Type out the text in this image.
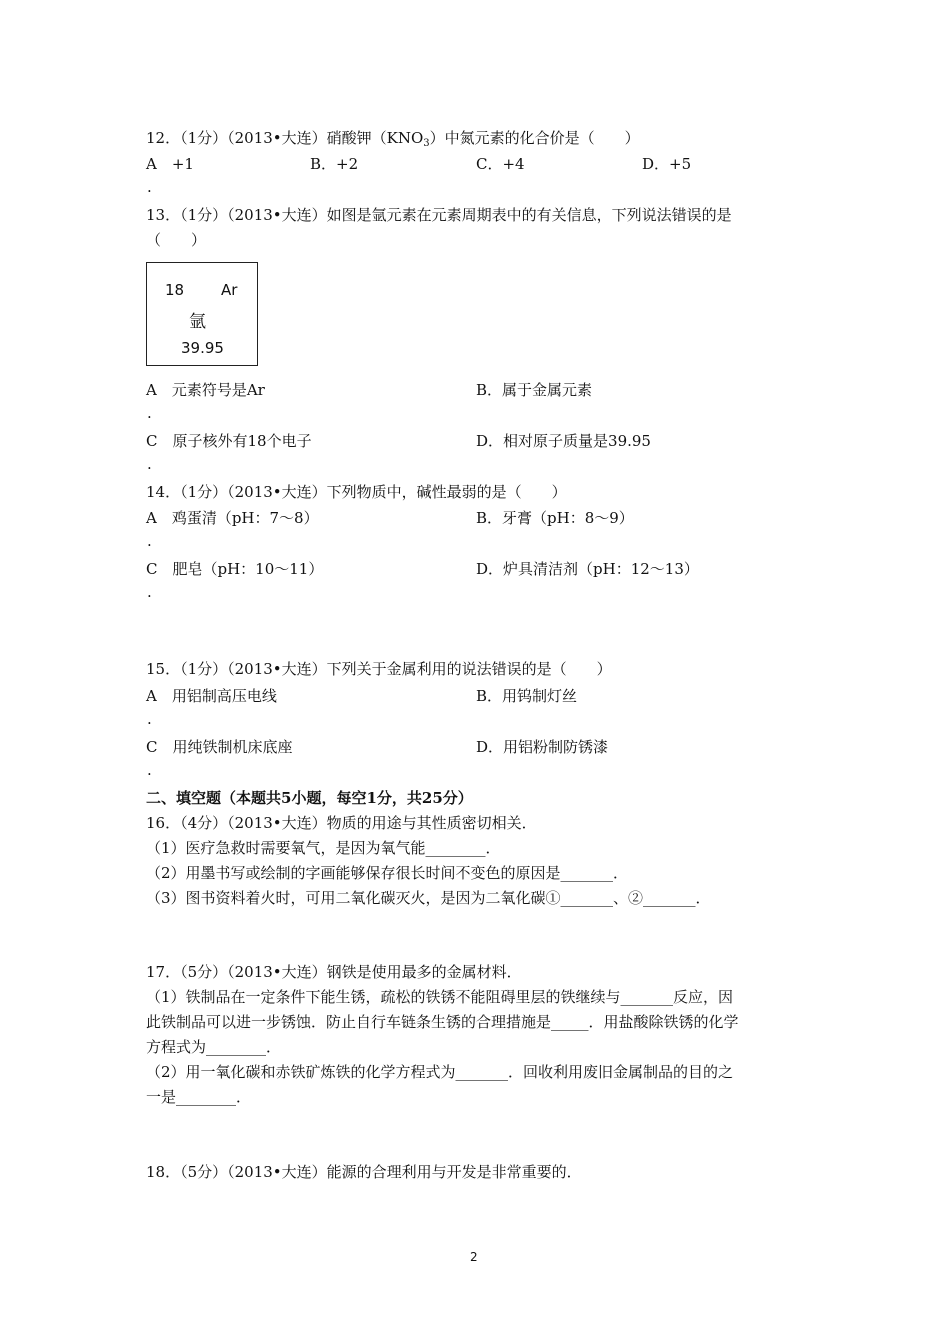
12．（1分）（2013•大连）硝酸钾$(KNO_3)$中氮元素的化合价是（　　）
A　+1	B．+2	C．+4	D．+5
.
13．（1分）（2013•大连）如图是氩元素在元素周期表中的有关信息，下列说法错误的是
（　　）
18 Ar
氩
39.95
A　元素符号是Ar	B．属于金属元素
.
C　原子核外有18个电子	D．相对原子质量是39.95
.
14．（1分）（2013•大连）下列物质中，碱性最弱的是（　　）
A　鸡蛋清（pH：7～8）	B．牙膏（pH：8～9）
.
C　肥皂（pH：10～11）	D．炉具清洁剂（pH：12～13）
.
15．（1分）（2013•大连）下列关于金属利用的说法错误的是（　　）
A　用铝制高压电线	B．用钨制灯丝
.
C　用纯铁制机床底座	D．用铝粉制防锈漆
.
二、填空题（本题共5小题，每空1分，共25分）
16．（4分）（2013•大连）物质的用途与其性质密切相关．
（1）医疗急救时需要氧气，是因为氧气能________．
（2）用墨书写或绘制的字画能够保存很长时间不变色的原因是_______．
（3）图书资料着火时，可用二氧化碳灭火，是因为二氧化碳①_______、②_______．
17．（5分）（2013•大连）钢铁是使用最多的金属材料．
（1）铁制品在一定条件下能生锈，疏松的铁锈不能阻碍里层的铁继续与_______反应，因
此铁制品可以进一步锈蚀．防止自行车链条生锈的合理措施是_____．用盐酸除铁锈的化学
方程式为________．
（2）用一氧化碳和赤铁矿炼铁的化学方程式为_______．回收利用废旧金属制品的目的之
一是________．
18．（5分）（2013•大连）能源的合理利用与开发是非常重要的．
2
